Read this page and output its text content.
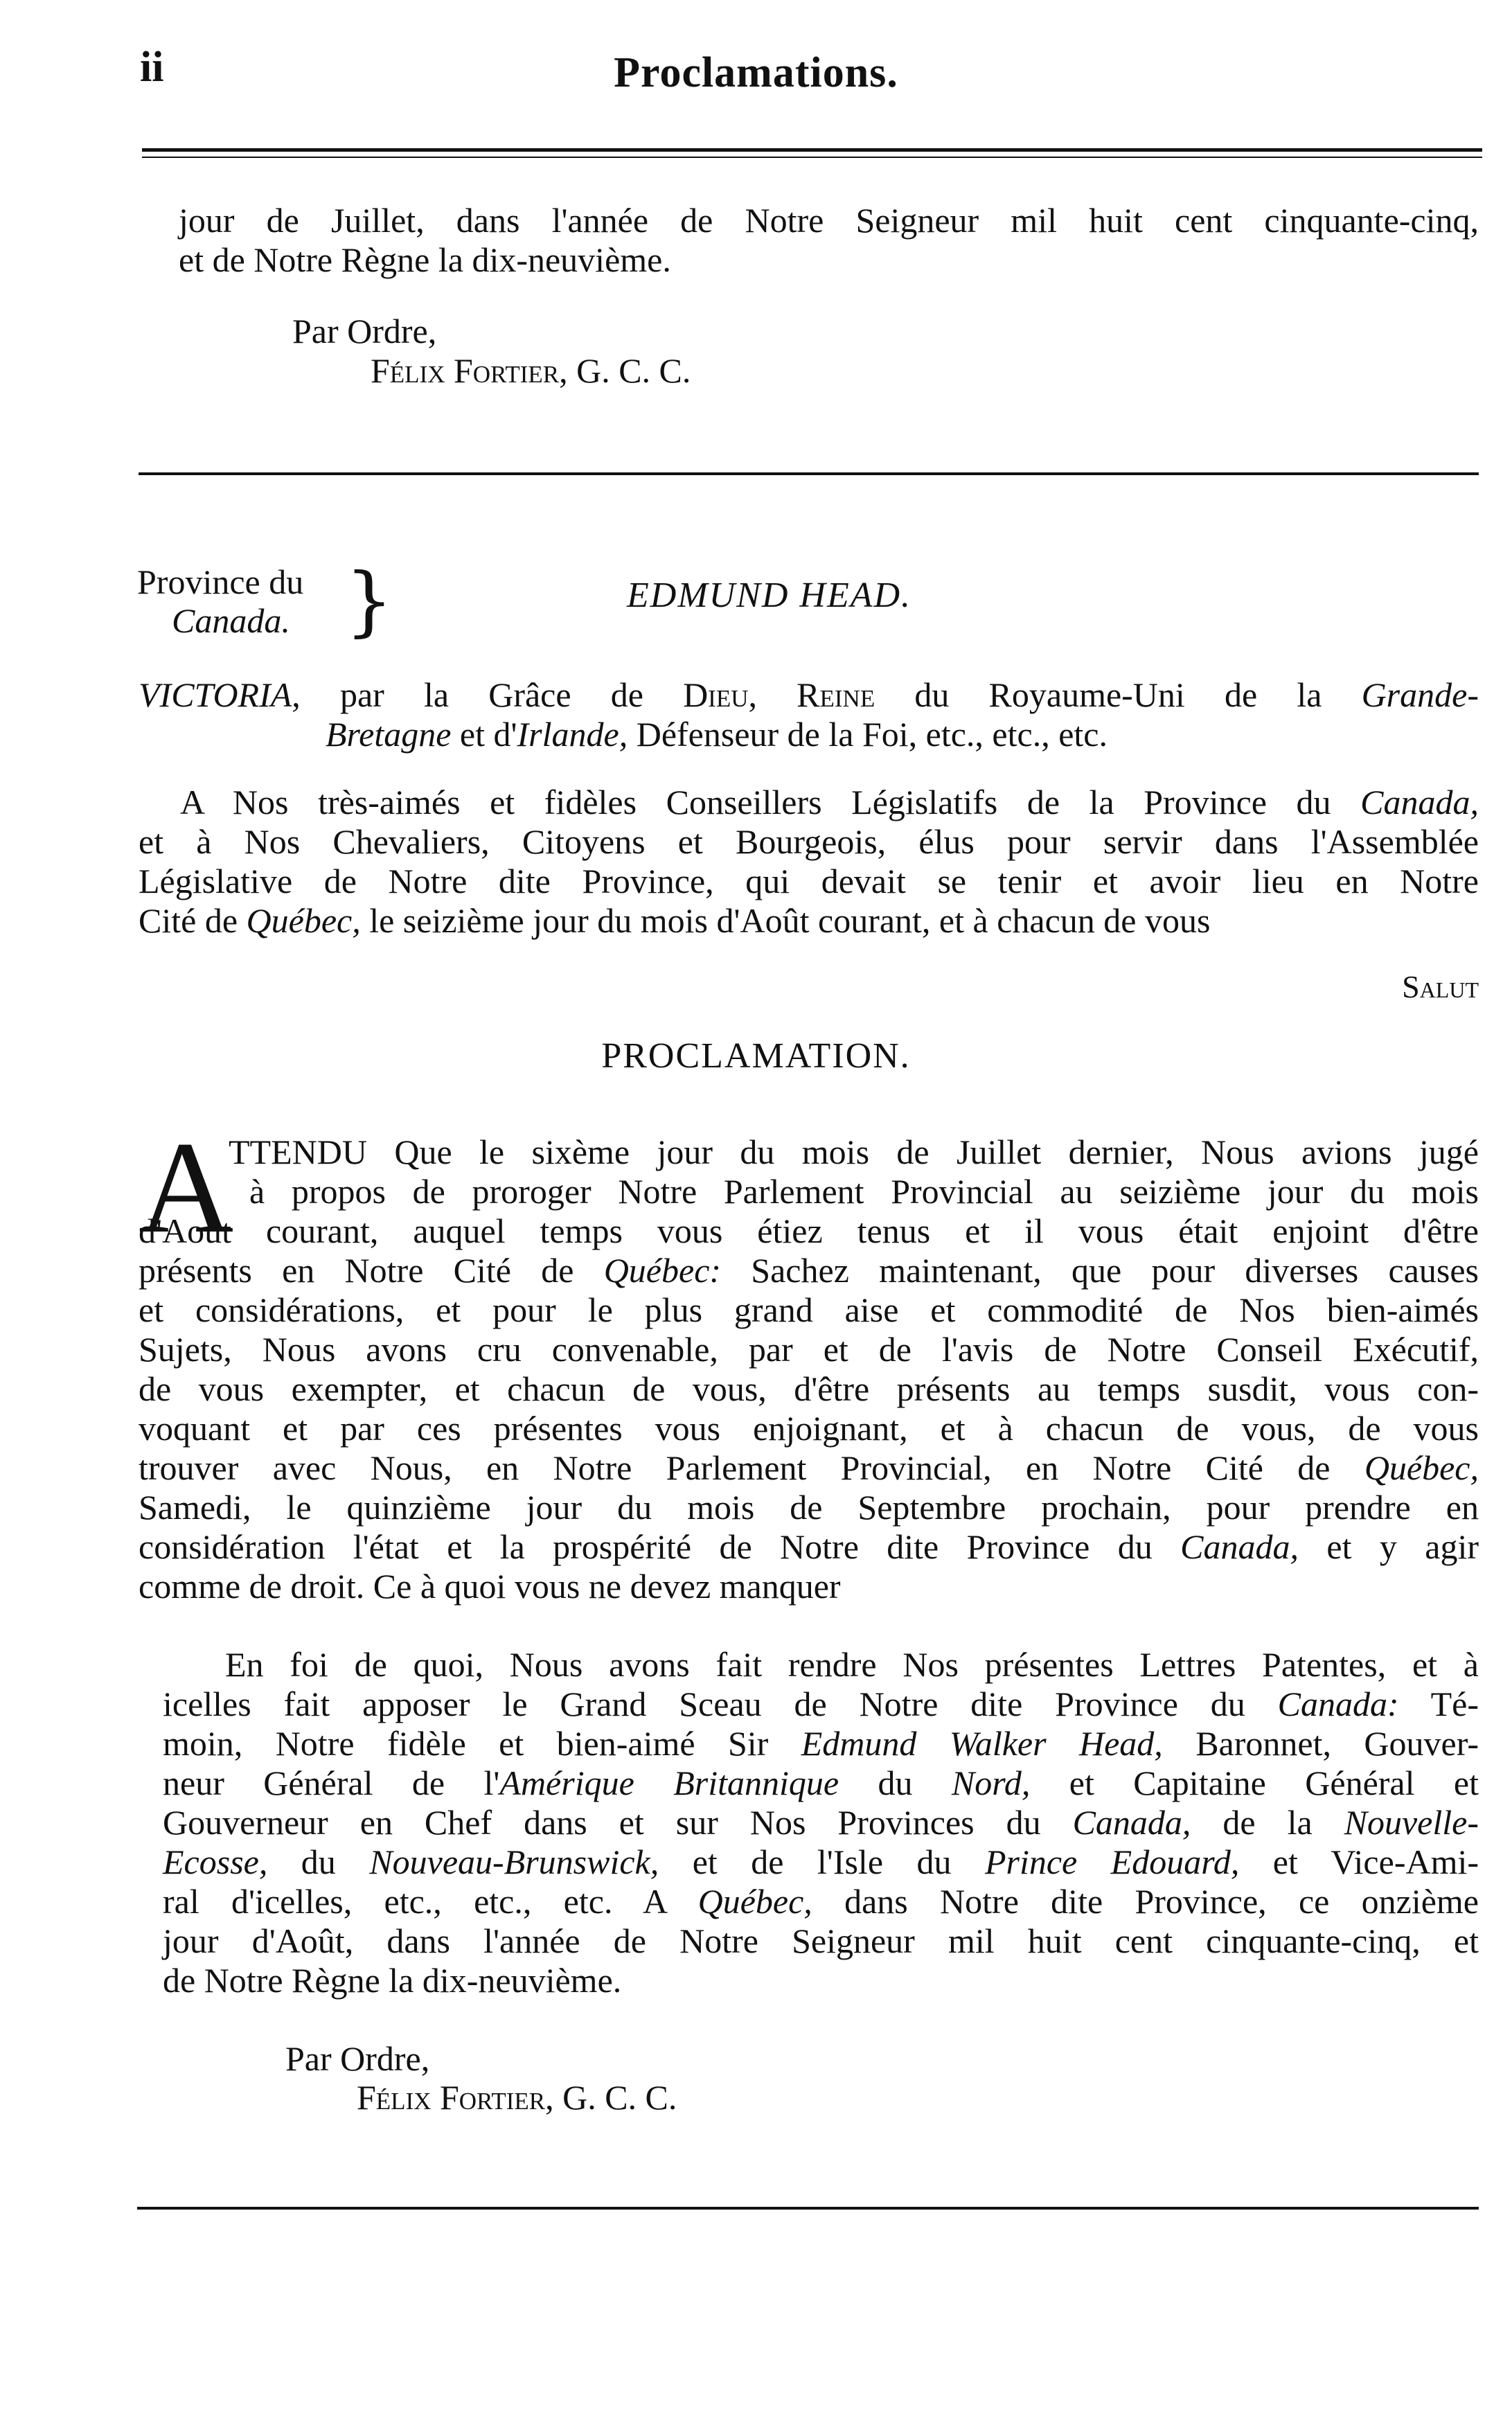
ii	Proclamations.

jour de Juillet, dans l'année de Notre Seigneur mil huit cent cinquante-cinq,

et de Notre Règne la dix-neuvième.

Par Ordre,
Félix Fortier, G. C. C.
Province du
Canada. }	EDMUND HEAD.

VICTORIA, par la Grâce de Dieu, Reine du Royaume-Uni de la Grande-

Bretagne et d'Irlande, Défenseur de la Foi, etc., etc., etc.

A Nos très-aimés et fidèles Conseillers Législatifs de la Province du Canada,

et à Nos Chevaliers, Citoyens et Bourgeois, élus pour servir dans l'Assemblée

Législative de Notre dite Province, qui devait se tenir et avoir lieu en Notre

Cité de Québec, le seizième jour du mois d'Août courant, et à chacun de vous

Salut
PROCLAMATION.
A
TTENDU Que le sixème jour du mois de Juillet dernier, Nous avions jugé
à propos de proroger Notre Parlement Provincial au seizième jour du mois

d'Août courant, auquel temps vous étiez tenus et il vous était enjoint d'être

présents en Notre Cité de Québec: Sachez maintenant, que pour diverses causes

et considérations, et pour le plus grand aise et commodité de Nos bien-aimés

Sujets, Nous avons cru convenable, par et de l'avis de Notre Conseil Exécutif,

de vous exempter, et chacun de vous, d'être présents au temps susdit, vous con-

voquant et par ces présentes vous enjoignant, et à chacun de vous, de vous

trouver avec Nous, en Notre Parlement Provincial, en Notre Cité de Québec,

Samedi, le quinzième jour du mois de Septembre prochain, pour prendre en

considération l'état et la prospérité de Notre dite Province du Canada, et y agir

comme de droit. Ce à quoi vous ne devez manquer

En foi de quoi, Nous avons fait rendre Nos présentes Lettres Patentes, et à

icelles fait apposer le Grand Sceau de Notre dite Province du Canada: Té-

moin, Notre fidèle et bien-aimé Sir Edmund Walker Head, Baronnet, Gouver-

neur Général de l'Amérique Britannique du Nord, et Capitaine Général et

Gouverneur en Chef dans et sur Nos Provinces du Canada, de la Nouvelle-

Ecosse, du Nouveau-Brunswick, et de l'Isle du Prince Edouard, et Vice-Ami-

ral d'icelles, etc., etc., etc. A Québec, dans Notre dite Province, ce onzième

jour d'Août, dans l'année de Notre Seigneur mil huit cent cinquante-cinq, et

de Notre Règne la dix-neuvième.

Par Ordre,
Félix Fortier, G. C. C.
